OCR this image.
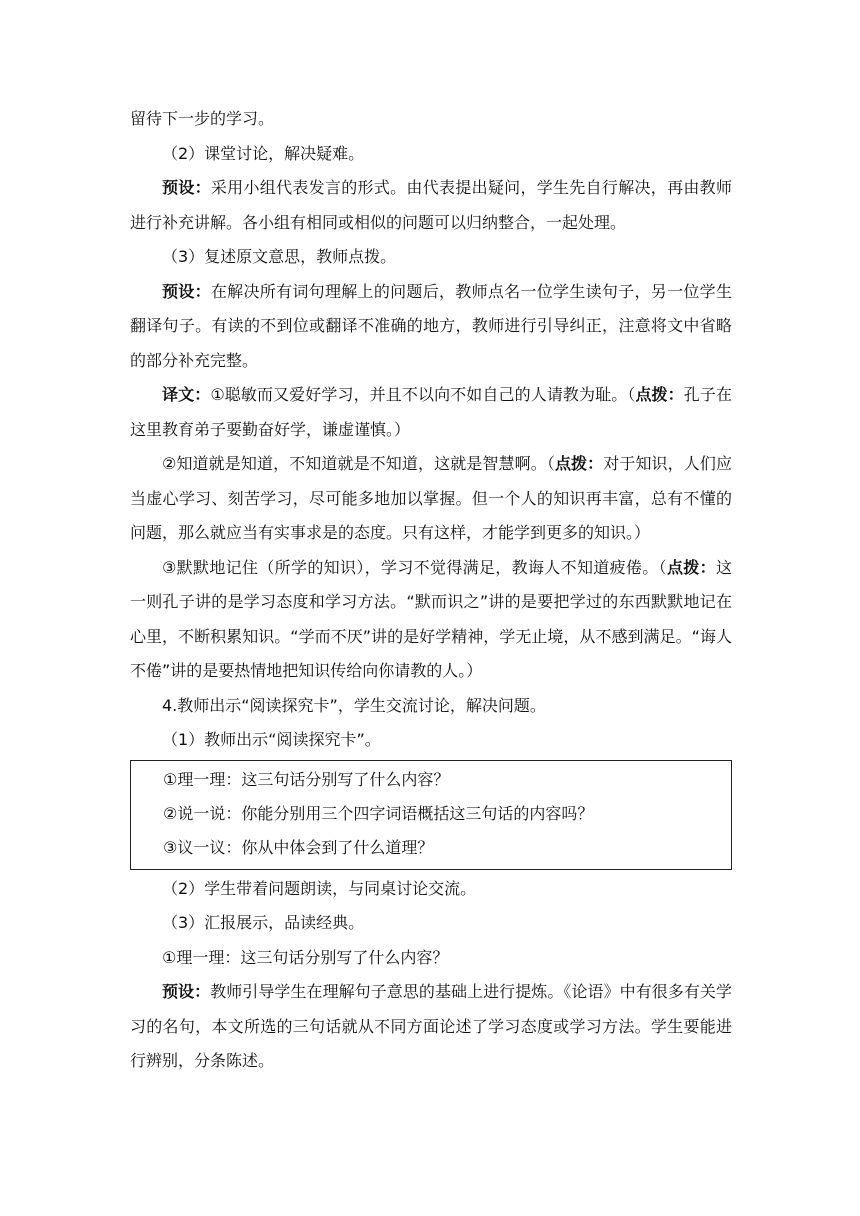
留待下一步的学习。

（2）课堂讨论，解决疑难。

预设：采用小组代表发言的形式。由代表提出疑问，学生先自行解决，再由教师进行补充讲解。各小组有相同或相似的问题可以归纳整合，一起处理。

（3）复述原文意思，教师点拨。

预设：在解决所有词句理解上的问题后，教师点名一位学生读句子，另一位学生翻译句子。有读的不到位或翻译不准确的地方，教师进行引导纠正，注意将文中省略的部分补充完整。

译文：①聪敏而又爱好学习，并且不以向不如自己的人请教为耻。（点拨：孔子在这里教育弟子要勤奋好学，谦虚谨慎。）

②知道就是知道，不知道就是不知道，这就是智慧啊。（点拨：对于知识，人们应当虚心学习、刻苦学习，尽可能多地加以掌握。但一个人的知识再丰富，总有不懂的问题，那么就应当有实事求是的态度。只有这样，才能学到更多的知识。）

③默默地记住（所学的知识），学习不觉得满足，教诲人不知道疲倦。（点拨：这一则孔子讲的是学习态度和学习方法。“默而识之”讲的是要把学过的东西默默地记在心里，不断积累知识。“学而不厌”讲的是好学精神，学无止境，从不感到满足。“诲人不倦”讲的是要热情地把知识传给向你请教的人。）

4.教师出示“阅读探究卡”，学生交流讨论，解决问题。

（1）教师出示“阅读探究卡”。

①理一理：这三句话分别写了什么内容？

②说一说：你能分别用三个四字词语概括这三句话的内容吗？

③议一议：你从中体会到了什么道理？

（2）学生带着问题朗读，与同桌讨论交流。

（3）汇报展示，品读经典。

①理一理：这三句话分别写了什么内容？

预设：教师引导学生在理解句子意思的基础上进行提炼。《论语》中有很多有关学习的名句，本文所选的三句话就从不同方面论述了学习态度或学习方法。学生要能进行辨别，分条陈述。
